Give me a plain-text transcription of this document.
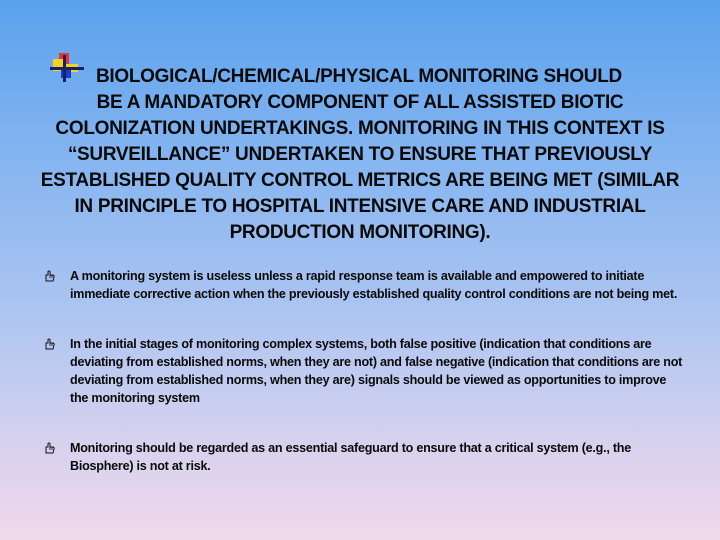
BIOLOGICAL/CHEMICAL/PHYSICAL MONITORING SHOULD
BE A MANDATORY COMPONENT OF ALL ASSISTED BIOTIC COLONIZATION UNDERTAKINGS. MONITORING IN THIS CONTEXT IS “SURVEILLANCE” UNDERTAKEN TO ENSURE THAT PREVIOUSLY ESTABLISHED QUALITY CONTROL METRICS ARE BEING MET (SIMILAR IN PRINCIPLE TO HOSPITAL INTENSIVE CARE AND INDUSTRIAL PRODUCTION MONITORING).
A monitoring system is useless unless a rapid response team is available and empowered to initiate immediate corrective action when the previously established quality control conditions are not being met.
In the initial stages of monitoring complex systems, both false positive (indication that conditions are deviating from established norms, when they are not) and false negative (indication that conditions are not deviating from established norms, when they are) signals should be viewed as opportunities to improve the monitoring system
Monitoring should be regarded as an essential safeguard to ensure that a critical system (e.g., the Biosphere) is not at risk.
